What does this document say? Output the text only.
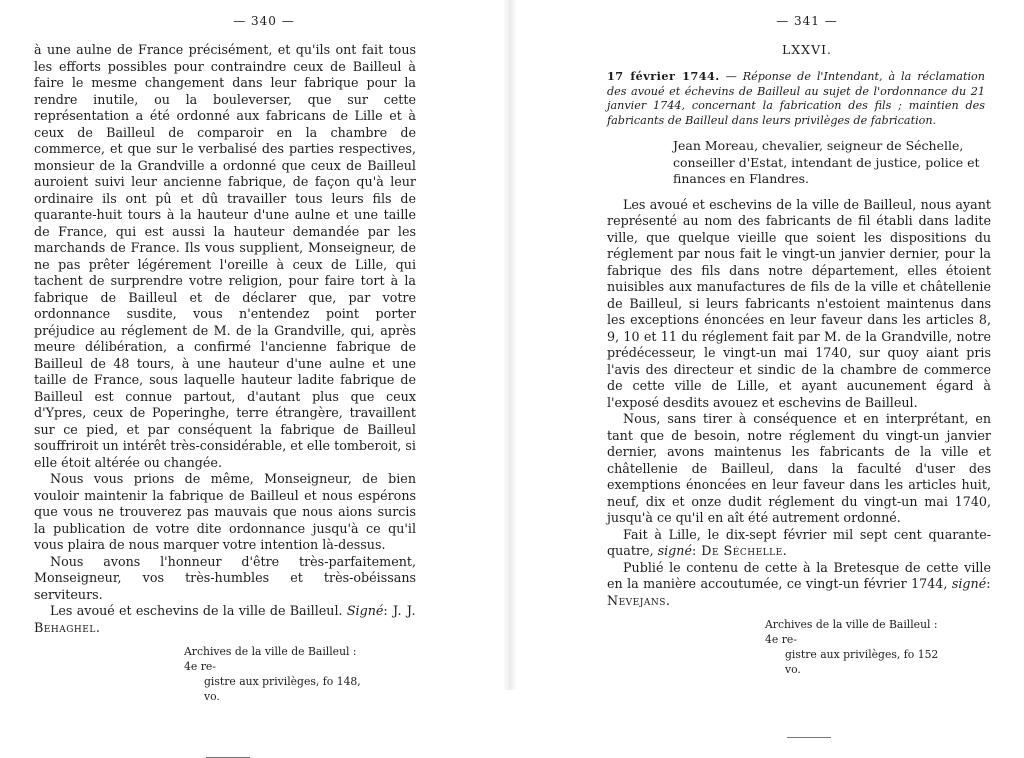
— 340 —

à une aulne de France précisément, et qu'ils ont fait tous les efforts possibles pour contraindre ceux de Bailleul à faire le mesme changement dans leur fabrique pour la rendre inutile, ou la bouleverser, que sur cette représentation a été ordonné aux fabricans de Lille et à ceux de Bailleul de comparoir en la chambre de commerce, et que sur le verbalisé des parties respectives, monsieur de la Grandville a ordonné que ceux de Bailleul auroient suivi leur ancienne fabrique, de façon qu'à leur ordinaire ils ont pû et dû travailler tous leurs fils de quarante-huit tours à la hauteur d'une aulne et une taille de France, qui est aussi la hauteur demandée par les marchands de France. Ils vous supplient, Monseigneur, de ne pas prêter légérement l'oreille à ceux de Lille, qui tachent de surprendre votre religion, pour faire tort à la fabrique de Bailleul et de déclarer que, par votre ordonnance susdite, vous n'entendez point porter préjudice au réglement de M. de la Grandville, qui, après meure délibération, a confirmé l'ancienne fabrique de Bailleul de 48 tours, à une hauteur d'une aulne et une taille de France, sous laquelle hauteur ladite fabrique de Bailleul est connue partout, d'autant plus que ceux d'Ypres, ceux de Poperinghe, terre étrangère, travaillent sur ce pied, et par conséquent la fabrique de Bailleul souffriroit un intérêt très-considérable, et elle tomberoit, si elle étoit altérée ou changée.

Nous vous prions de même, Monseigneur, de bien vouloir maintenir la fabrique de Bailleul et nous espérons que vous ne trouverez pas mauvais que nous aions surcis la publication de votre dite ordonnance jusqu'à ce qu'il vous plaira de nous marquer votre intention là-dessus.

Nous avons l'honneur d'être très-parfaitement, Monseigneur, vos très-humbles et très-obéissans serviteurs.

Les avoué et eschevins de la ville de Bailleul. Signé: J. J. Behaghel.

Archives de la ville de Bailleul : 4e re-
gistre aux privilèges, fo 148, vo.
— 341 —
LXXVI.
17 février 1744. — Réponse de l'Intendant, à la réclamation des avoué et échevins de Bailleul au sujet de l'ordonnance du 21 janvier 1744, concernant la fabrication des fils ; maintien des fabricants de Bailleul dans leurs privilèges de fabrication.
Jean Moreau, chevalier, seigneur de Séchelle, conseiller d'Estat, intendant de justice, police et finances en Flandres.

Les avoué et eschevins de la ville de Bailleul, nous ayant représenté au nom des fabricants de fil établi dans ladite ville, que quelque vieille que soient les dispositions du réglement par nous fait le vingt-un janvier dernier, pour la fabrique des fils dans notre département, elles étoient nuisibles aux manufactures de fils de la ville et châtellenie de Bailleul, si leurs fabricants n'estoient maintenus dans les exceptions énoncées en leur faveur dans les articles 8, 9, 10 et 11 du réglement fait par M. de la Grandville, notre prédécesseur, le vingt-un mai 1740, sur quoy aiant pris l'avis des directeur et sindic de la chambre de commerce de cette ville de Lille, et ayant aucunement égard à l'exposé desdits avouez et eschevins de Bailleul.

Nous, sans tirer à conséquence et en interprétant, en tant que de besoin, notre réglement du vingt-un janvier dernier, avons maintenus les fabricants de la ville et châtellenie de Bailleul, dans la faculté d'user des exemptions énoncées en leur faveur dans les articles huit, neuf, dix et onze dudit réglement du vingt-un mai 1740, jusqu'à ce qu'il en aît été autrement ordonné.

Fait à Lille, le dix-sept février mil sept cent quarante-quatre, signé: De Séchelle.

Publié le contenu de cette à la Bretesque de cette ville en la manière accoutumée, ce vingt-un février 1744, signé: Nevejans.

Archives de la ville de Bailleul : 4e re-
gistre aux privilèges, fo 152 vo.
